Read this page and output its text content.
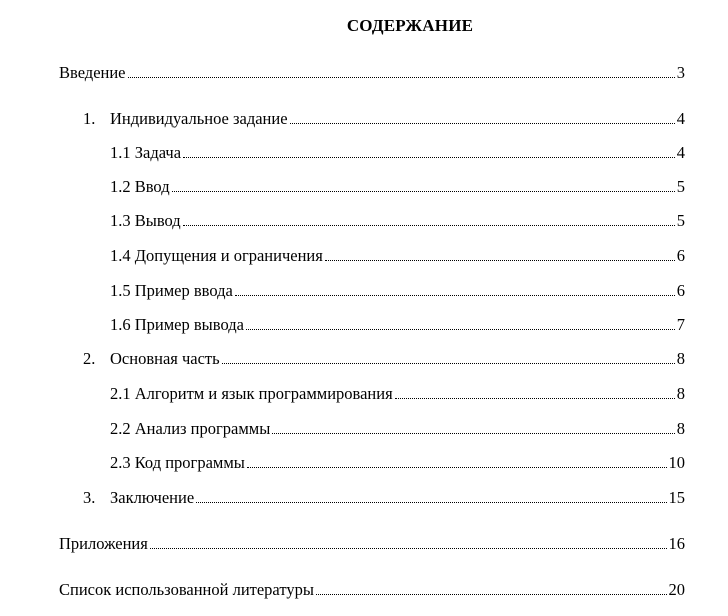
СОДЕРЖАНИЕ
Введение	3
1. Индивидуальное задание	4
1.1 Задача	4
1.2 Ввод	5
1.3 Вывод	5
1.4 Допущения и ограничения	6
1.5 Пример ввода	6
1.6 Пример вывода	7
2. Основная часть	8
2.1 Алгоритм и язык программирования	8
2.2 Анализ программы	8
2.3 Код программы	10
3. Заключение	15
Приложения	16
Список использованной литературы	20
